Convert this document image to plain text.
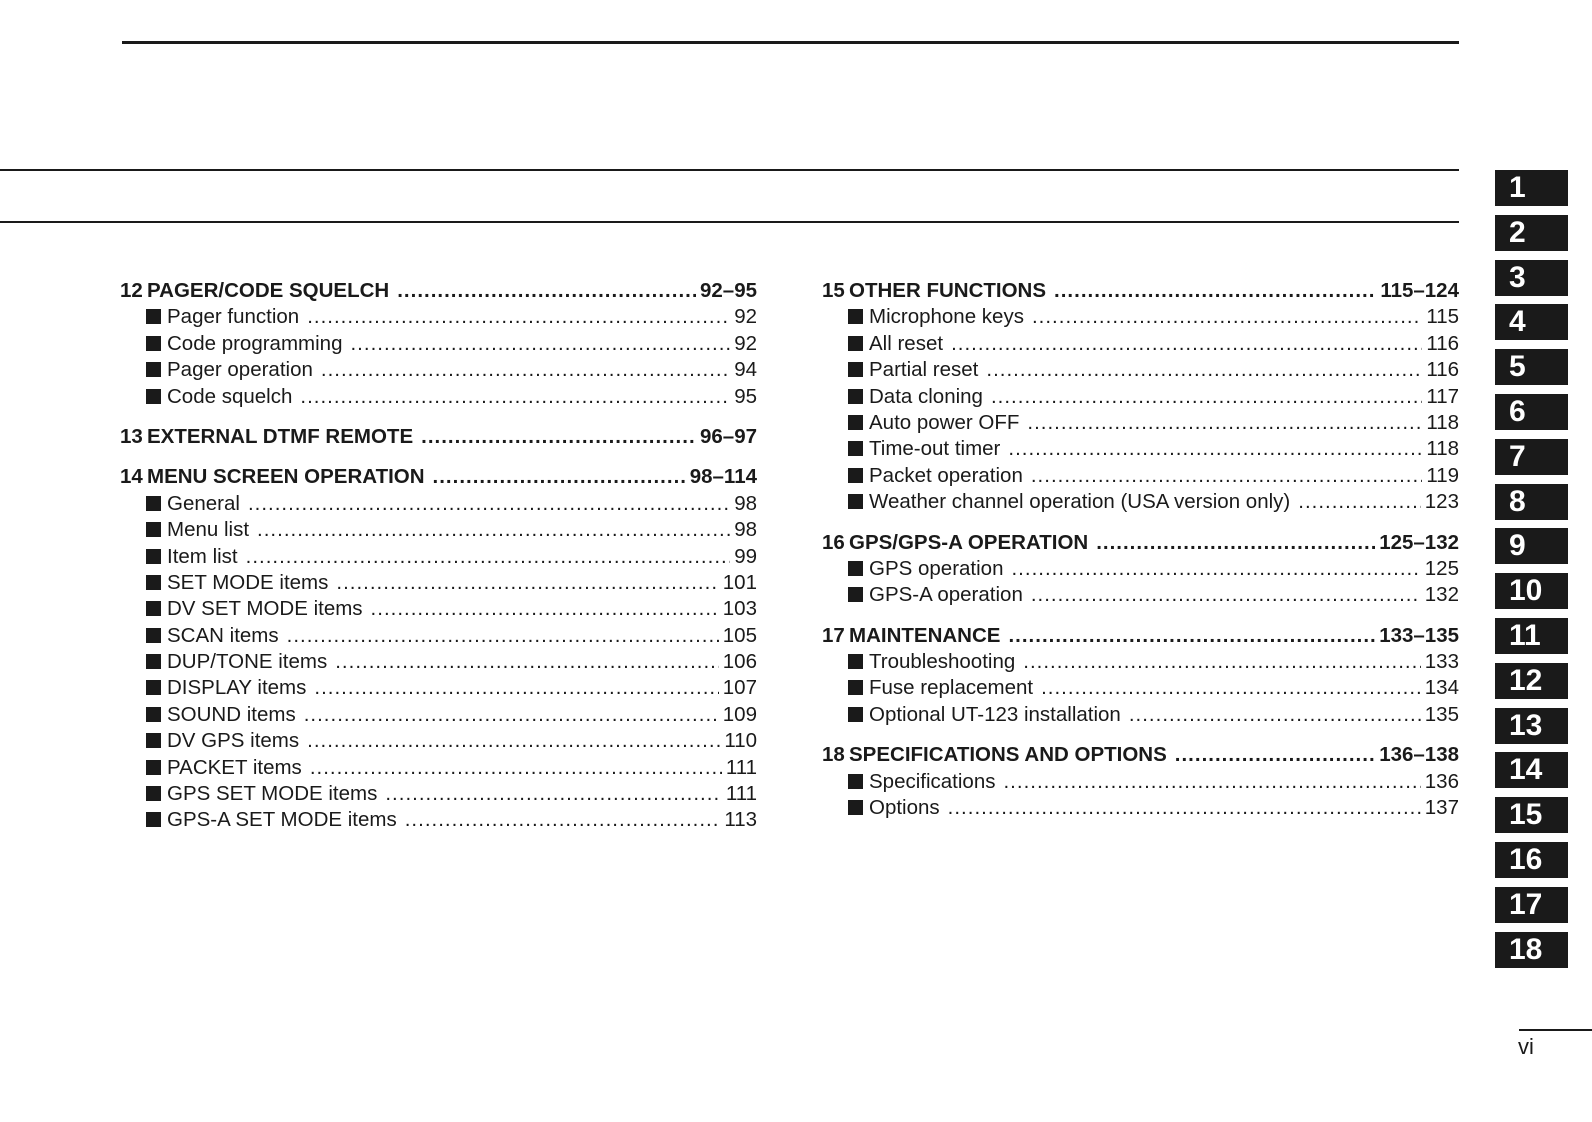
12 PAGER/CODE SQUELCH .....	92–95
Pager function .....	92
Code programming .....	92
Pager operation .....	94
Code squelch .....	95
13 EXTERNAL DTMF REMOTE .....	96–97
14 MENU SCREEN OPERATION .....	98–114
General .....	98
Menu list .....	98
Item list .....	99
SET MODE items .....	101
DV SET MODE items .....	103
SCAN items .....	105
DUP/TONE items .....	106
DISPLAY items .....	107
SOUND items .....	109
DV GPS items .....	110
PACKET items .....	111
GPS SET MODE items .....	111
GPS-A SET MODE items .....	113
15 OTHER FUNCTIONS .....	115–124
Microphone keys .....	115
All reset .....	116
Partial reset .....	116
Data cloning .....	117
Auto power OFF .....	118
Time-out timer .....	118
Packet operation .....	119
Weather channel operation (USA version only) .....	123
16 GPS/GPS-A OPERATION .....	125–132
GPS operation .....	125
GPS-A operation .....	132
17 MAINTENANCE .....	133–135
Troubleshooting .....	133
Fuse replacement .....	134
Optional UT-123 installation .....	135
18 SPECIFICATIONS AND OPTIONS .....	136–138
Specifications .....	136
Options .....	137
1
2
3
4
5
6
7
8
9
10
11
12
13
14
15
16
17
18
vi
